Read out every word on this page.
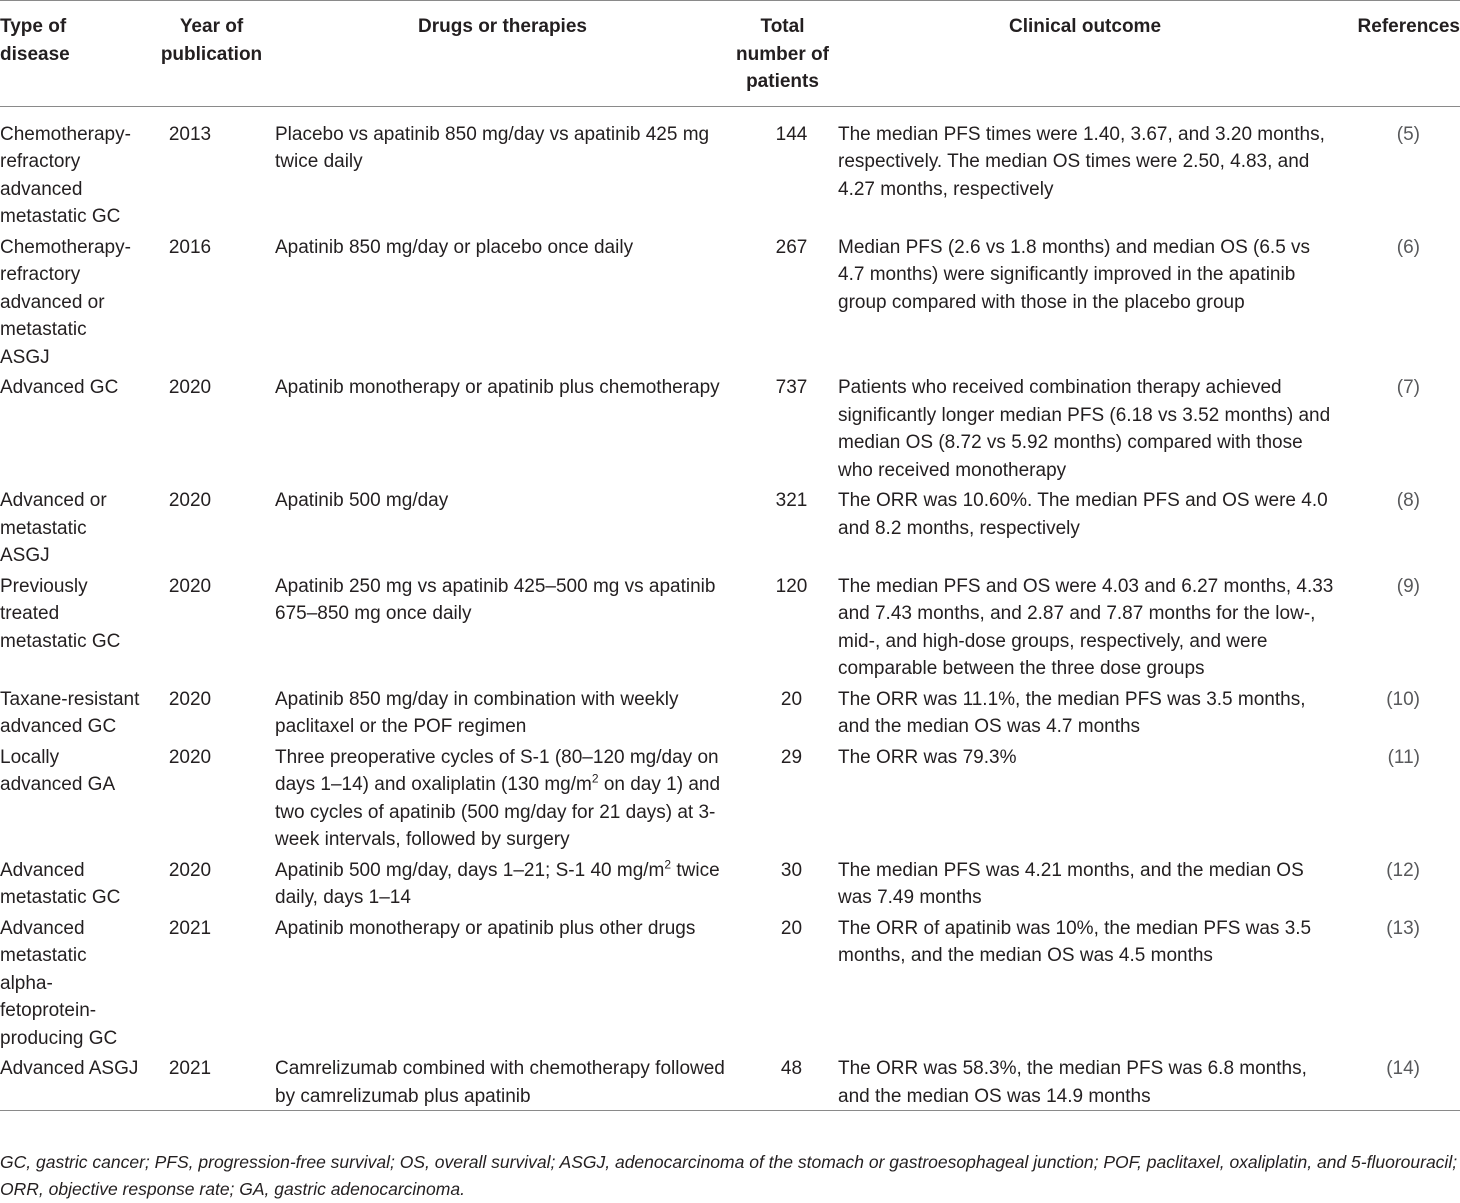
Type of disease	Year of publication	Drugs or therapies	Total number of patients	Clinical outcome	References
Chemotherapy-refractory advanced metastatic GC	2013	Placebo vs apatinib 850 mg/day vs apatinib 425 mg twice daily	144	The median PFS times were 1.40, 3.67, and 3.20 months, respectively. The median OS times were 2.50, 4.83, and 4.27 months, respectively	(5)
Chemotherapy-refractory advanced or metastatic ASGJ	2016	Apatinib 850 mg/day or placebo once daily	267	Median PFS (2.6 vs 1.8 months) and median OS (6.5 vs 4.7 months) were significantly improved in the apatinib group compared with those in the placebo group	(6)
Advanced GC	2020	Apatinib monotherapy or apatinib plus chemotherapy	737	Patients who received combination therapy achieved significantly longer median PFS (6.18 vs 3.52 months) and median OS (8.72 vs 5.92 months) compared with those who received monotherapy	(7)
Advanced or metastatic ASGJ	2020	Apatinib 500 mg/day	321	The ORR was 10.60%. The median PFS and OS were 4.0 and 8.2 months, respectively	(8)
Previously treated metastatic GC	2020	Apatinib 250 mg vs apatinib 425–500 mg vs apatinib 675–850 mg once daily	120	The median PFS and OS were 4.03 and 6.27 months, 4.33 and 7.43 months, and 2.87 and 7.87 months for the low-, mid-, and high-dose groups, respectively, and were comparable between the three dose groups	(9)
Taxane-resistant advanced GC	2020	Apatinib 850 mg/day in combination with weekly paclitaxel or the POF regimen	20	The ORR was 11.1%, the median PFS was 3.5 months, and the median OS was 4.7 months	(10)
Locally advanced GA	2020	Three preoperative cycles of S-1 (80–120 mg/day on days 1–14) and oxaliplatin (130 $mg/m^2$ on day 1) and two cycles of apatinib (500 mg/day for 21 days) at 3-week intervals, followed by surgery	29	The ORR was 79.3%	(11)
Advanced metastatic GC	2020	Apatinib 500 mg/day, days 1–21; S-1 40 $mg/m^2$ twice daily, days 1–14	30	The median PFS was 4.21 months, and the median OS was 7.49 months	(12)
Advanced metastatic alpha-fetoprotein-producing GC	2021	Apatinib monotherapy or apatinib plus other drugs	20	The ORR of apatinib was 10%, the median PFS was 3.5 months, and the median OS was 4.5 months	(13)
Advanced ASGJ	2021	Camrelizumab combined with chemotherapy followed by camrelizumab plus apatinib	48	The ORR was 58.3%, the median PFS was 6.8 months, and the median OS was 14.9 months	(14)
GC, gastric cancer; PFS, progression-free survival; OS, overall survival; ASGJ, adenocarcinoma of the stomach or gastroesophageal junction; POF, paclitaxel, oxaliplatin, and 5-fluorouracil; ORR, objective response rate; GA, gastric adenocarcinoma.
